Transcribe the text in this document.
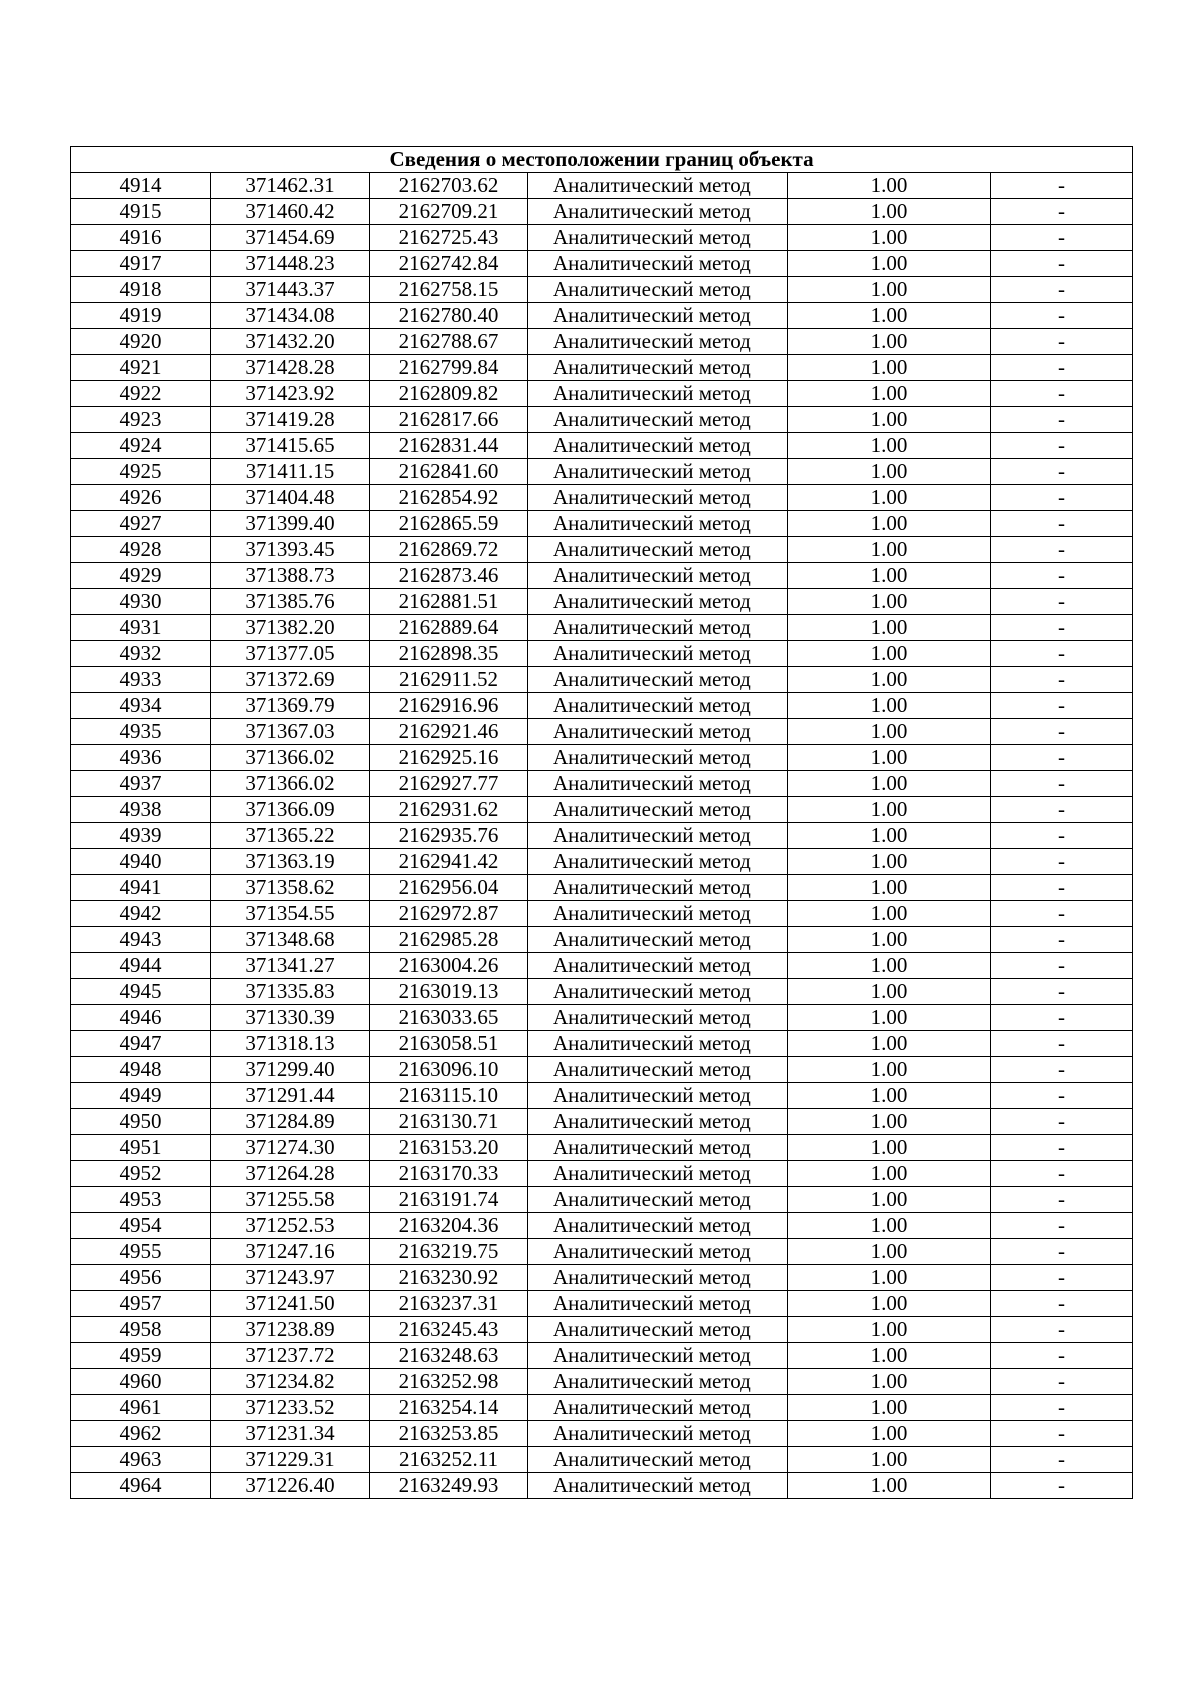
Сведения о местоположении границ объекта					
4914	371462.31	2162703.62	Аналитический метод	1.00	-
4915	371460.42	2162709.21	Аналитический метод	1.00	-
4916	371454.69	2162725.43	Аналитический метод	1.00	-
4917	371448.23	2162742.84	Аналитический метод	1.00	-
4918	371443.37	2162758.15	Аналитический метод	1.00	-
4919	371434.08	2162780.40	Аналитический метод	1.00	-
4920	371432.20	2162788.67	Аналитический метод	1.00	-
4921	371428.28	2162799.84	Аналитический метод	1.00	-
4922	371423.92	2162809.82	Аналитический метод	1.00	-
4923	371419.28	2162817.66	Аналитический метод	1.00	-
4924	371415.65	2162831.44	Аналитический метод	1.00	-
4925	371411.15	2162841.60	Аналитический метод	1.00	-
4926	371404.48	2162854.92	Аналитический метод	1.00	-
4927	371399.40	2162865.59	Аналитический метод	1.00	-
4928	371393.45	2162869.72	Аналитический метод	1.00	-
4929	371388.73	2162873.46	Аналитический метод	1.00	-
4930	371385.76	2162881.51	Аналитический метод	1.00	-
4931	371382.20	2162889.64	Аналитический метод	1.00	-
4932	371377.05	2162898.35	Аналитический метод	1.00	-
4933	371372.69	2162911.52	Аналитический метод	1.00	-
4934	371369.79	2162916.96	Аналитический метод	1.00	-
4935	371367.03	2162921.46	Аналитический метод	1.00	-
4936	371366.02	2162925.16	Аналитический метод	1.00	-
4937	371366.02	2162927.77	Аналитический метод	1.00	-
4938	371366.09	2162931.62	Аналитический метод	1.00	-
4939	371365.22	2162935.76	Аналитический метод	1.00	-
4940	371363.19	2162941.42	Аналитический метод	1.00	-
4941	371358.62	2162956.04	Аналитический метод	1.00	-
4942	371354.55	2162972.87	Аналитический метод	1.00	-
4943	371348.68	2162985.28	Аналитический метод	1.00	-
4944	371341.27	2163004.26	Аналитический метод	1.00	-
4945	371335.83	2163019.13	Аналитический метод	1.00	-
4946	371330.39	2163033.65	Аналитический метод	1.00	-
4947	371318.13	2163058.51	Аналитический метод	1.00	-
4948	371299.40	2163096.10	Аналитический метод	1.00	-
4949	371291.44	2163115.10	Аналитический метод	1.00	-
4950	371284.89	2163130.71	Аналитический метод	1.00	-
4951	371274.30	2163153.20	Аналитический метод	1.00	-
4952	371264.28	2163170.33	Аналитический метод	1.00	-
4953	371255.58	2163191.74	Аналитический метод	1.00	-
4954	371252.53	2163204.36	Аналитический метод	1.00	-
4955	371247.16	2163219.75	Аналитический метод	1.00	-
4956	371243.97	2163230.92	Аналитический метод	1.00	-
4957	371241.50	2163237.31	Аналитический метод	1.00	-
4958	371238.89	2163245.43	Аналитический метод	1.00	-
4959	371237.72	2163248.63	Аналитический метод	1.00	-
4960	371234.82	2163252.98	Аналитический метод	1.00	-
4961	371233.52	2163254.14	Аналитический метод	1.00	-
4962	371231.34	2163253.85	Аналитический метод	1.00	-
4963	371229.31	2163252.11	Аналитический метод	1.00	-
4964	371226.40	2163249.93	Аналитический метод	1.00	-
